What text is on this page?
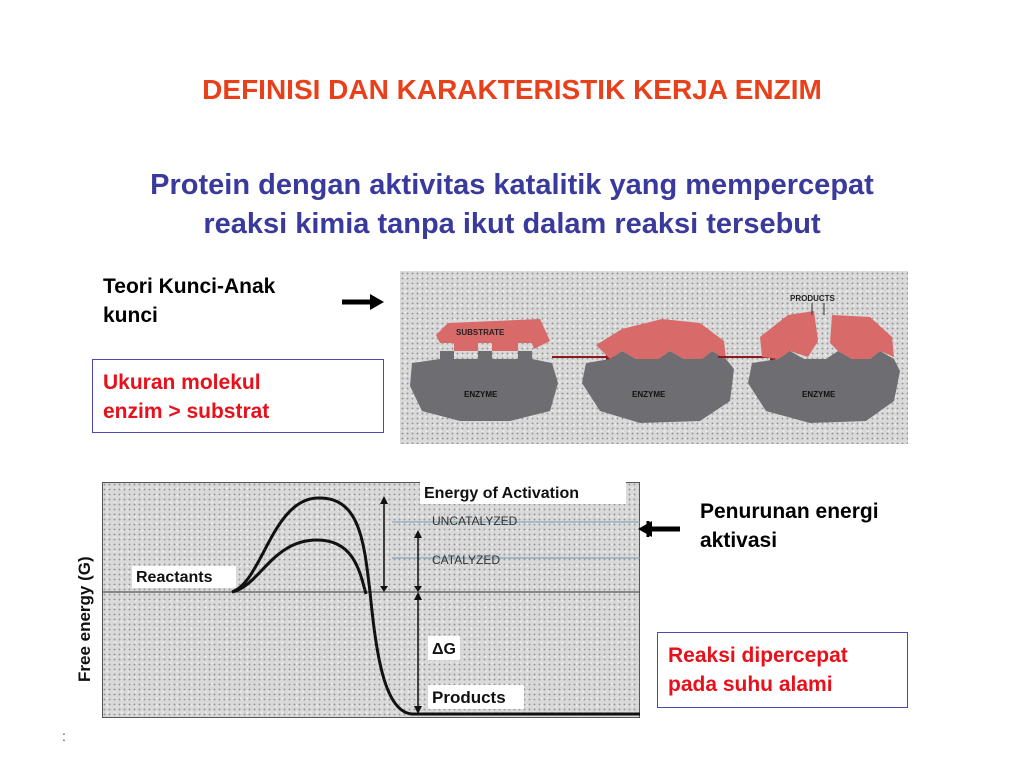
DEFINISI DAN KARAKTERISTIK KERJA ENZIM
Protein dengan aktivitas katalitik yang mempercepat
reaksi kimia tanpa ikut dalam reaksi tersebut
Teori Kunci-Anak
kunci
Ukuran molekul
enzim > substrat
SUBSTRATE
PRODUCTS
ENZYME	ENZYME	ENZYME
Energy of Activation
UNCATALYZED
CATALYZED
Reactants
ΔG
Products
Free energy (G)
Penurunan energi
aktivasi
Reaksi dipercepat
pada suhu alami
:
